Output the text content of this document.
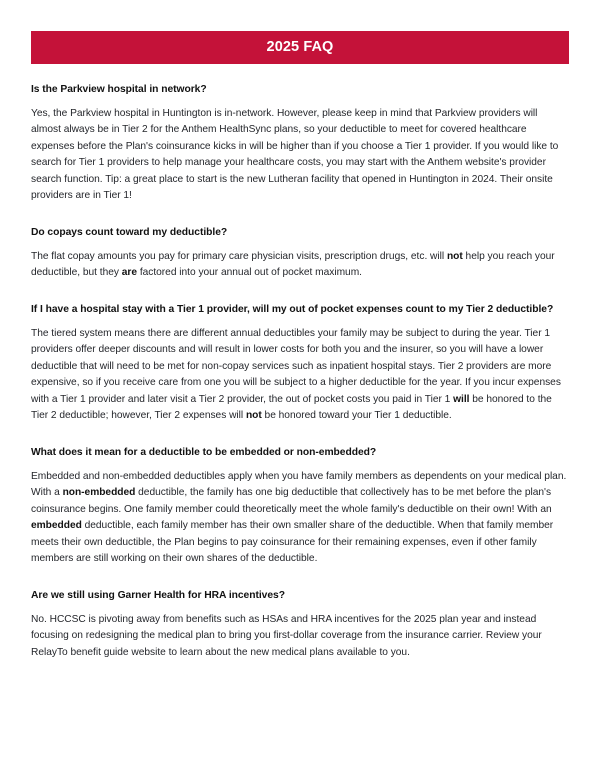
2025 FAQ
Is the Parkview hospital in network?

Yes, the Parkview hospital in Huntington is in-network. However, please keep in mind that Parkview providers will almost always be in Tier 2 for the Anthem HealthSync plans, so your deductible to meet for covered healthcare expenses before the Plan's coinsurance kicks in will be higher than if you choose a Tier 1 provider. If you would like to search for Tier 1 providers to help manage your healthcare costs, you may start with the Anthem website's provider search function. Tip: a great place to start is the new Lutheran facility that opened in Huntington in 2024. Their onsite providers are in Tier 1!

Do copays count toward my deductible?

The flat copay amounts you pay for primary care physician visits, prescription drugs, etc. will not help you reach your deductible, but they are factored into your annual out of pocket maximum.

If I have a hospital stay with a Tier 1 provider, will my out of pocket expenses count to my Tier 2 deductible?

The tiered system means there are different annual deductibles your family may be subject to during the year. Tier 1 providers offer deeper discounts and will result in lower costs for both you and the insurer, so you will have a lower deductible that will need to be met for non-copay services such as inpatient hospital stays. Tier 2 providers are more expensive, so if you receive care from one you will be subject to a higher deductible for the year. If you incur expenses with a Tier 1 provider and later visit a Tier 2 provider, the out of pocket costs you paid in Tier 1 will be honored to the Tier 2 deductible; however, Tier 2 expenses will not be honored toward your Tier 1 deductible.

What does it mean for a deductible to be embedded or non-embedded?

Embedded and non-embedded deductibles apply when you have family members as dependents on your medical plan. With a non-embedded deductible, the family has one big deductible that collectively has to be met before the plan's coinsurance begins. One family member could theoretically meet the whole family's deductible on their own! With an embedded deductible, each family member has their own smaller share of the deductible. When that family member meets their own deductible, the Plan begins to pay coinsurance for their remaining expenses, even if other family members are still working on their own shares of the deductible.

Are we still using Garner Health for HRA incentives?

No. HCCSC is pivoting away from benefits such as HSAs and HRA incentives for the 2025 plan year and instead focusing on redesigning the medical plan to bring you first-dollar coverage from the insurance carrier. Review your RelayTo benefit guide website to learn about the new medical plans available to you.
